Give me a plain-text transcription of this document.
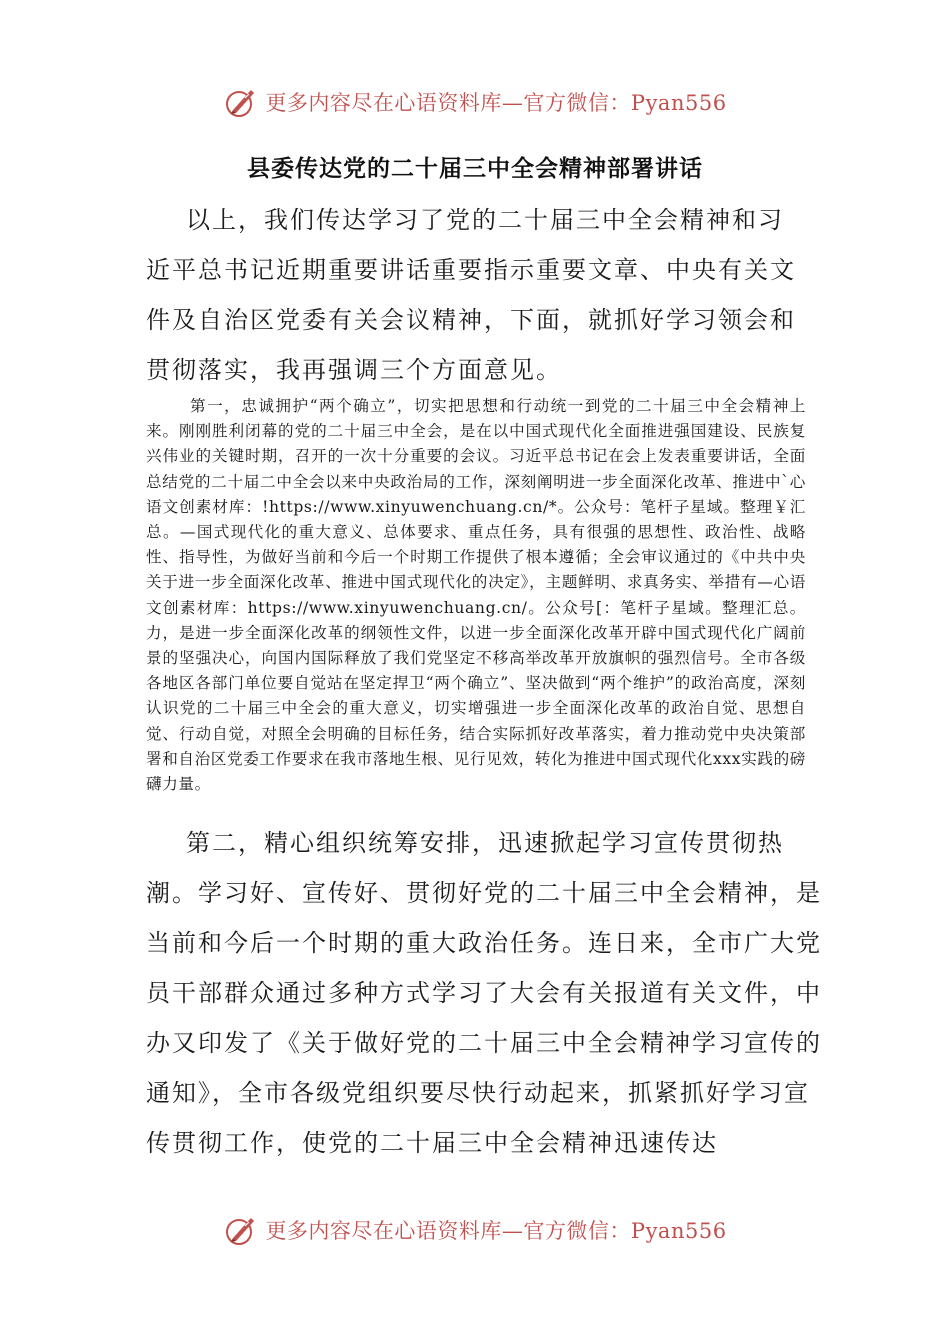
更多内容尽在心语资料库—官方微信：Pyan556
县委传达党的二十届三中全会精神部署讲话

以上，我们传达学习了党的二十届三中全会精神和习近平总书记近期重要讲话重要指示重要文章、中央有关文件及自治区党委有关会议精神，下面，就抓好学习领会和贯彻落实，我再强调三个方面意见。

第一，忠诚拥护“两个确立”，切实把思想和行动统一到党的二十届三中全会精神上来。刚刚胜利闭幕的党的二十届三中全会，是在以中国式现代化全面推进强国建设、民族复兴伟业的关键时期，召开的一次十分重要的会议。习近平总书记在会上发表重要讲话，全面总结党的二十届二中全会以来中央政治局的工作，深刻阐明进一步全面深化改革、推进中`心语文创素材库：!https://www.xinyuwenchuang.cn/*。公众号：笔杆子星域。整理￥汇总。—国式现代化的重大意义、总体要求、重点任务，具有很强的思想性、政治性、战略性、指导性，为做好当前和今后一个时期工作提供了根本遵循；全会审议通过的《中共中央关于进一步全面深化改革、推进中国式现代化的决定》，主题鲜明、求真务实、举措有—心语文创素材库：https://www.xinyuwenchuang.cn/。公众号[：笔杆子星域。整理汇总。力，是进一步全面深化改革的纲领性文件，以进一步全面深化改革开辟中国式现代化广阔前景的坚强决心，向国内国际释放了我们党坚定不移高举改革开放旗帜的强烈信号。全市各级各地区各部门单位要自觉站在坚定捍卫“两个确立”、坚决做到“两个维护”的政治高度，深刻认识党的二十届三中全会的重大意义，切实增强进一步全面深化改革的政治自觉、思想自觉、行动自觉，对照全会明确的目标任务，结合实际抓好改革落实，着力推动党中央决策部署和自治区党委工作要求在我市落地生根、见行见效，转化为推进中国式现代化xxx实践的磅礴力量。

第二，精心组织统筹安排，迅速掀起学习宣传贯彻热潮。学习好、宣传好、贯彻好党的二十届三中全会精神，是当前和今后一个时期的重大政治任务。连日来，全市广大党员干部群众通过多种方式学习了大会有关报道有关文件，中办又印发了《关于做好党的二十届三中全会精神学习宣传的通知》，全市各级党组织要尽快行动起来，抓紧抓好学习宣传贯彻工作，使党的二十届三中全会精神迅速传达

更多内容尽在心语资料库—官方微信：Pyan556
